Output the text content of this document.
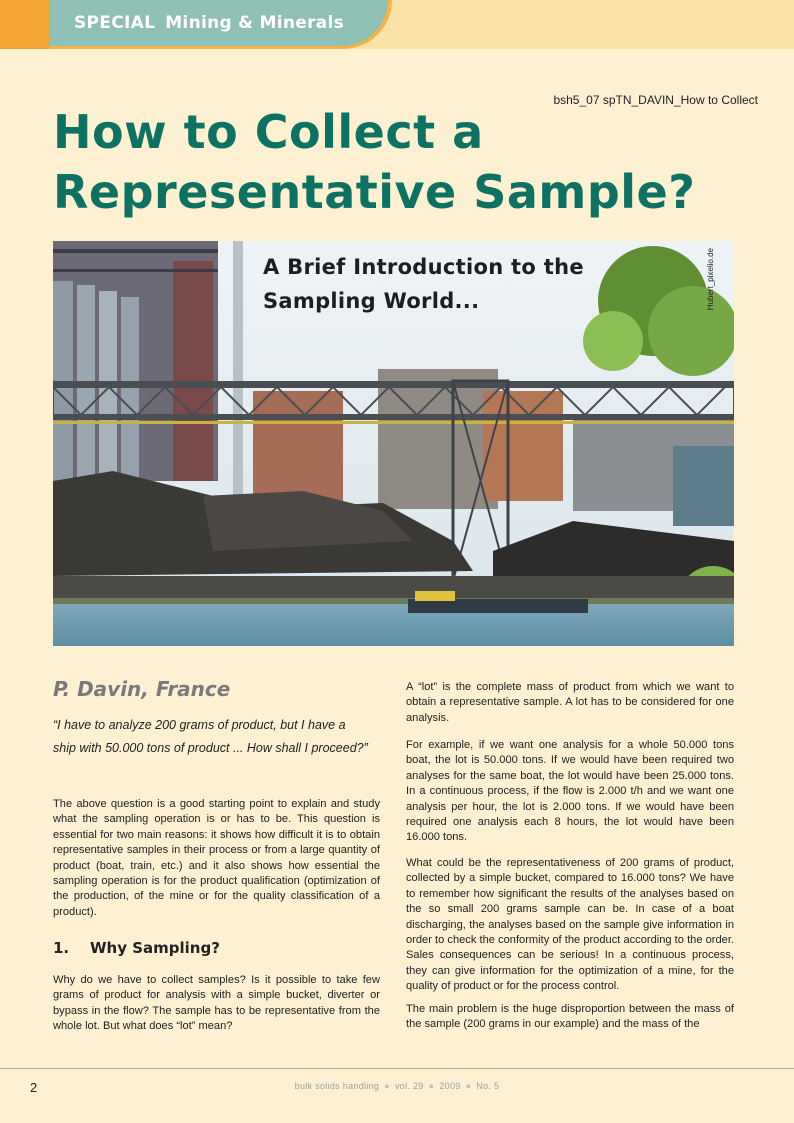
SPECIAL Mining & Minerals
bsh5_07 spTN_DAVIN_How to Collect
How to Collect a
Representative Sample?
A Brief Introduction to the
Sampling World...	Hubert_pixelio.de
P. Davin, France
“I have to analyze 200 grams of product, but I have a
ship with 50.000 tons of product ... How shall I proceed?”

The above question is a good starting point to explain and study what the sampling operation is or has to be. This question is essential for two main reasons: it shows how difficult it is to obtain representative samples in their process or from a large quantity of product (boat, train, etc.) and it also shows how essential the sampling operation is for the product qualification (optimization of the production, of the mine or for the quality classification of a product).

1. Why Sampling?

Why do we have to collect samples? Is it possible to take few grams of product for analysis with a simple bucket, diverter or bypass in the flow? The sample has to be representative from the whole lot. But what does “lot” mean?

A “lot” is the complete mass of product from which we want to obtain a representative sample. A lot has to be considered for one analysis.

For example, if we want one analysis for a whole 50.000 tons boat, the lot is 50.000 tons. If we would have been required two analyses for the same boat, the lot would have been 25.000 tons. In a continuous process, if the flow is 2.000 t/h and we want one analysis per hour, the lot is 2.000 tons. If we would have been required one analysis each 8 hours, the lot would have been 16.000 tons.

What could be the representativeness of 200 grams of product, collected by a simple bucket, compared to 16.000 tons? We have to remember how significant the results of the analyses based on the so small 200 grams sample can be. In case of a boat discharging, the analyses based on the sample give information in order to check the conformity of the product according to the order. Sales consequences can be serious! In a continuous process, they can give information for the optimization of a mine, for the quality of product or for the process control.

The main problem is the huge disproportion between the mass of the sample (200 grams in our example) and the mass of the

2	bulk solids handling ● vol. 29 ● 2009 ● No. 5
